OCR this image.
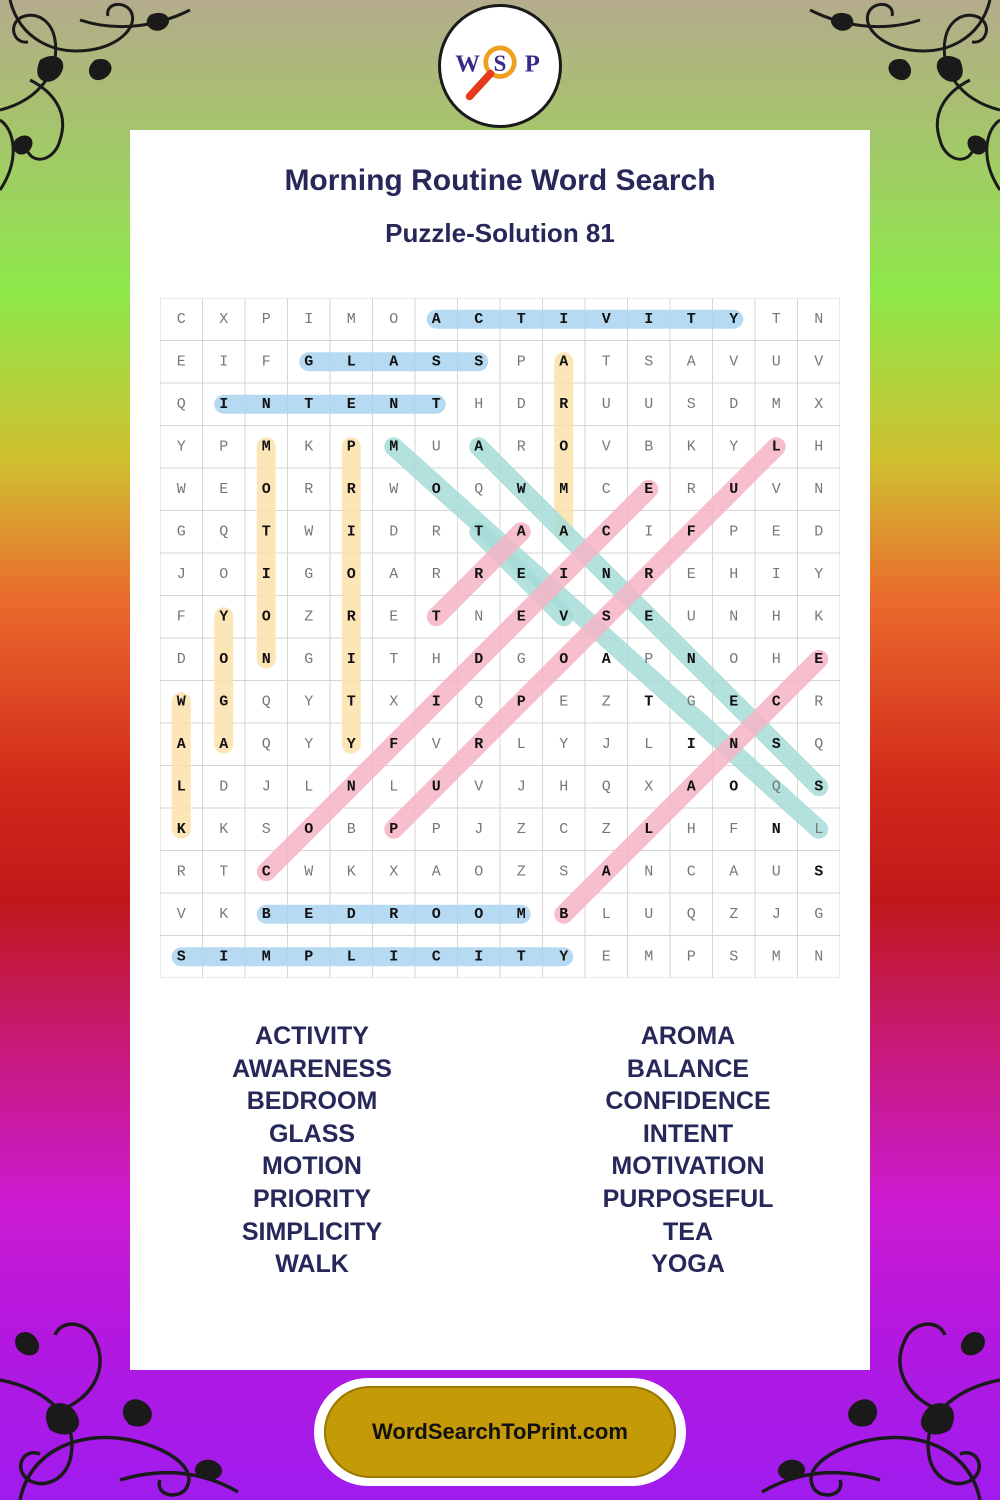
W S P
Morning Routine Word Search
Puzzle-Solution 81
C X P I M O A C T I V I T Y T N
E I F G L A S S P A T S A V U V
Q I N T E N T H D R U U S D M X
Y P M K P M U A R O V B K Y L H
W E O R R W O Q W M C E R U V N
G Q T W I D R T A A C I F P E D
J O I G O A R R E I N R E H I Y
F Y O Z R E T N E V S E U N H K
D O N G I T H D G O A P N O H E
W G Q Y T X I Q P E Z T G E C R
A A Q Y Y F V R L Y J L I N S Q
L D J L N L U V J H Q X A O Q S
K K S O B P P J Z C Z L H F N L
R T C W K X A O Z S A N C A U S
V K B E D R O O M B L U Q Z J G
S I M P L I C I T Y E M P S M N
ACTIVITY
AWARENESS
BEDROOM
GLASS
MOTION
PRIORITY
SIMPLICITY
WALK
AROMA
BALANCE
CONFIDENCE
INTENT
MOTIVATION
PURPOSEFUL
TEA
YOGA
WordSearchToPrint.com
